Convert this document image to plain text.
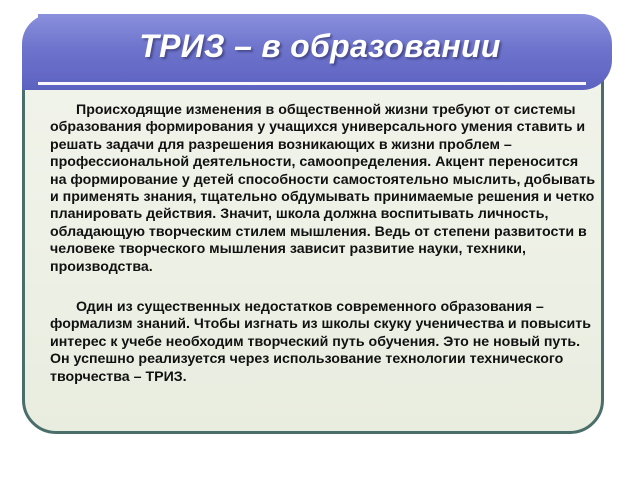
ТРИЗ – в образовании

Происходящие изменения в общественной жизни требуют от системы образования формирования у учащихся универсального умения ставить и решать задачи для разрешения возникающих в жизни проблем – профессиональной деятельности, самоопределения. Акцент переносится на формирование у детей способности самостоятельно мыслить, добывать и применять знания, тщательно обдумывать принимаемые решения и четко планировать действия. Значит, школа должна воспитывать личность, обладающую творческим стилем мышления. Ведь от степени развитости в человеке творческого мышления зависит развитие науки, техники, производства.

Один из существенных недостатков современного образования – формализм знаний. Чтобы изгнать из школы скуку ученичества и повысить интерес к учебе необходим творческий путь обучения. Это не новый путь. Он успешно реализуется через использование технологии технического творчества – ТРИЗ.
